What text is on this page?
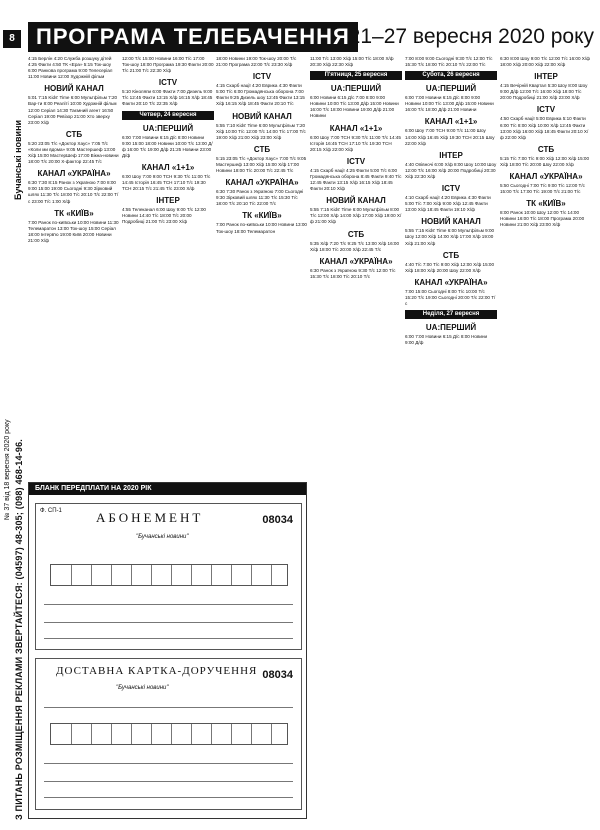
8
Бучанські новини
№ 37 від 18 вересня 2020 року З ПИТАНЬ РОЗМІЩЕННЯ РЕКЛАМИ ЗВЕРТАЙТЕСЯ: (04597) 48-305; (098) 468-14-96.
ПРОГРАМА ТЕЛЕБАЧЕННЯ
21–27 вересня 2020 року

4:15 Берлін 4:20 Служба розшуку дітей 4:25 Факти 4:50 ТК «Ера» 5:15 Ток-шоу 6:00 Ранкова програма 9:00 Телесеріал 11:00 Новини 12:00 Художній фільм

НОВИЙ КАНАЛ

5:01 7:15 Kids' Time 6:00 Мультфільм 7:20 Вар-ти 8:00 Реаліті 10:00 Художній фільм 12:00 Серіал 14:30 Таємний агент 16:50 Серіал 19:00 Ревізор 21:00 Хто зверху 23:00 Х/ф

СТБ

5:20 23:05 Т/с «Доктор Хаус» 7:05 Т/с «Коли ми вдома» 9:05 Мастершеф 13:00 Х/ф 15:00 МастерШеф 17:00 Вікна-новини 18:00 Т/с 20:00 Х-фактор 22:45 Т/с

КАНАЛ «УКРАЇНА»

6:30 7:30 8:15 Ранок з Україною 7:00 8:00 9:00 15:00 19:00 Сьогодні 9:30 Зірковий шлях 11:30 Т/с 18:00 Т/с 20:10 Т/с 22:00 Т/с 23:00 Т/с 1:00 Х/ф

ТК «КИЇВ»

7:00 Ранок по-київськи 10:00 Новини 11:30 Телемаратон 13:00 Ток-шоу 15:00 Серіал 18:00 Інтерв'ю 19:00 Київ 20:00 Новини 21:00 Х/ф

12:00 Т/с 15:00 Новини 16:00 Т/с 17:00 Ток-шоу 18:00 Програма 19:30 Факти 20:00 Т/с 21:00 Т/с 22:30 Х/ф

ICTV

5:10 Кіноляпи 6:00 Факти 7:00 Дизель 9:00 Т/с 12:45 Факти 13:15 Х/ф 16:15 Х/ф 18:45 Факти 20:10 Т/с 22:35 Х/ф

Четвер, 24 вересня
UA:ПЕРШИЙ

6:00 7:00 Новини 6:15 Д/с 8:00 Новини 9:00 15:00 18:00 Новини 10:00 Т/с 13:00 Д/ф 16:00 Т/с 19:00 Д/ф 21:25 Новини 23:00 Д/ф

КАНАЛ «1+1»

6:00 Шоу 7:00 9:00 ТСН 9:30 Т/с 11:00 Т/с 14:45 Історія 16:45 ТСН 17:10 Т/с 19:30 ТСН 20:15 Т/с 21:45 Т/с 23:00 Х/ф

ІНТЕР

4:55 Телеканал 6:00 Шоу 9:00 Т/с 12:00 Новини 14:40 Т/с 18:00 Т/с 20:00 Подробиці 21:00 Т/с 23:00 Х/ф

18:00 Новини 19:00 Ток-шоу 20:00 Т/с 21:00 Програма 22:00 Т/с 23:30 Х/ф

ICTV

4:15 Скарб нації 4:20 Еврика 4:30 Факти 5:00 Т/с 6:00 Громадянська оборона 7:00 Факти 9:25 Дизель шоу 12:45 Факти 13:15 Х/ф 16:15 Х/ф 18:45 Факти 20:10 Т/с

НОВИЙ КАНАЛ

5:55 7:10 Kids' Time 6:00 Мультфільм 7:20 Х/ф 10:00 Т/с 12:00 Т/с 14:00 Т/с 17:00 Т/с 19:00 Х/ф 21:00 Х/ф 23:00 Х/ф

СТБ

5:15 23:05 Т/с «Доктор Хаус» 7:00 Т/с 9:05 Мастершеф 13:00 Х/ф 15:00 Х/ф 17:00 Новини 18:00 Т/с 20:00 Т/с 22:45 Т/с

КАНАЛ «УКРАЇНА»

6:30 7:30 Ранок з Україною 7:00 Сьогодні 9:30 Зірковий шлях 11:30 Т/с 15:30 Т/с 18:00 Т/с 20:10 Т/с 22:00 Т/с

ТК «КИЇВ»

7:00 Ранок по-київськи 10:00 Новини 13:00 Ток-шоу 18:00 Телемаратон

11:00 Т/с 13:00 Х/ф 15:00 Т/с 18:00 Х/ф 20:30 Х/ф 22:30 Х/ф

П'ятниця, 25 вересня
UA:ПЕРШИЙ

6:00 Новини 6:15 Д/с 7:00 8:00 9:00 Новини 10:00 Т/с 13:00 Д/ф 15:00 Новини 16:00 Т/с 18:00 Новини 19:00 Д/ф 21:00 Новини

КАНАЛ «1+1»

6:00 Шоу 7:00 ТСН 9:30 Т/с 11:00 Т/с 14:45 Історія 16:45 ТСН 17:10 Т/с 19:30 ТСН 20:15 Х/ф 22:00 Х/ф

ICTV

4:15 Скарб нації 4:25 Факти 5:00 Т/с 6:00 Громадянська оборона 8:45 Факти 9:40 Т/с 12:45 Факти 13:15 Х/ф 16:15 Х/ф 18:45 Факти 20:10 Х/ф

НОВИЙ КАНАЛ

5:55 7:15 Kids' Time 6:00 Мультфільм 8:00 Т/с 12:00 Х/ф 14:00 Х/ф 17:00 Х/ф 19:00 Х/ф 21:00 Х/ф

СТБ

5:35 Х/ф 7:20 Т/с 9:25 Т/с 13:00 Х/ф 16:00 Х/ф 18:00 Т/с 20:00 Х/ф 22:45 Т/с

КАНАЛ «УКРАЇНА»

6:30 Ранок з Україною 9:30 Т/с 12:00 Т/с 15:30 Т/с 18:00 Т/с 20:10 Т/с

7:00 8:00 9:00 Сьогодні 9:30 Т/с 12:00 Т/с 15:30 Т/с 18:00 Т/с 20:10 Т/с 22:00 Т/с

Субота, 26 вересня
UA:ПЕРШИЙ

6:00 7:00 Новини 6:15 Д/с 8:00 9:00 Новини 10:00 Т/с 13:00 Д/ф 15:00 Новини 16:00 Т/с 18:00 Д/ф 21:00 Новини

КАНАЛ «1+1»

6:00 Шоу 7:00 ТСН 9:00 Т/с 11:00 Шоу 14:00 Х/ф 16:45 Х/ф 19:30 ТСН 20:15 Шоу 22:00 Х/ф

ІНТЕР

4:40 Опівночі 6:00 Х/ф 8:00 Шоу 10:00 Шоу 12:00 Т/с 16:00 Х/ф 20:00 Подробиці 20:30 Х/ф 22:30 Х/ф

ICTV

4:10 Скарб нації 4:20 Еврика 4:30 Факти 5:00 Т/с 7:00 Х/ф 9:00 Х/ф 12:45 Факти 13:00 Х/ф 18:45 Факти 19:10 Х/ф

НОВИЙ КАНАЛ

5:55 7:15 Kids' Time 6:00 Мультфільм 9:00 Шоу 12:00 Х/ф 14:00 Х/ф 17:00 Х/ф 19:00 Х/ф 21:00 Х/ф

СТБ

4:40 Т/с 7:00 Т/с 9:00 Х/ф 12:00 Х/ф 15:00 Х/ф 18:00 Х/ф 20:00 Шоу 22:00 Х/ф

КАНАЛ «УКРАЇНА»

7:00 15:00 Сьогодні 8:00 Т/с 10:00 Т/с 15:20 Т/с 19:00 Сьогодні 20:00 Т/с 22:00 Т/с

Неділя, 27 вересня
UA:ПЕРШИЙ

6:00 7:00 Новини 6:15 Д/с 8:00 Новини 9:00 Д/ф

6:30 8:00 Шоу 9:00 Т/с 12:00 Т/с 16:00 Х/ф 18:00 Х/ф 20:00 Х/ф 22:00 Х/ф

ІНТЕР

4:15 Вечірній Квартал 5:30 Шоу 8:00 Шоу 9:00 Д/ф 12:00 Т/с 16:00 Х/ф 18:00 Т/с 20:00 Подробиці 21:00 Х/ф 23:00 Х/ф

ICTV

4:50 Скарб нації 5:00 Еврика 5:10 Факти 6:00 Т/с 8:00 Х/ф 10:00 Х/ф 12:45 Факти 13:00 Х/ф 16:00 Х/ф 18:45 Факти 20:10 Х/ф 22:00 Х/ф

СТБ

5:15 Т/с 7:00 Т/с 9:00 Х/ф 12:00 Х/ф 15:00 Х/ф 18:00 Т/с 20:00 Шоу 22:00 Х/ф

КАНАЛ «УКРАЇНА»

5:50 Сьогодні 7:00 Т/с 9:00 Т/с 12:00 Т/с 15:00 Т/с 17:00 Т/с 19:00 Т/с 21:00 Т/с

ТК «КИЇВ»

8:00 Ранок 10:00 Шоу 12:00 Т/с 14:00 Новини 16:00 Т/с 18:00 Програма 20:00 Новини 21:00 Х/ф 23:00 Х/ф

БЛАНК ПЕРЕДПЛАТИ НА 2020 РІК
Ф. СП-1	АБОНЕМЕНТ	08034
"Бучанські новини"
ДОСТАВНА КАРТКА-ДОРУЧЕННЯ 08034
"Бучанські новини"
